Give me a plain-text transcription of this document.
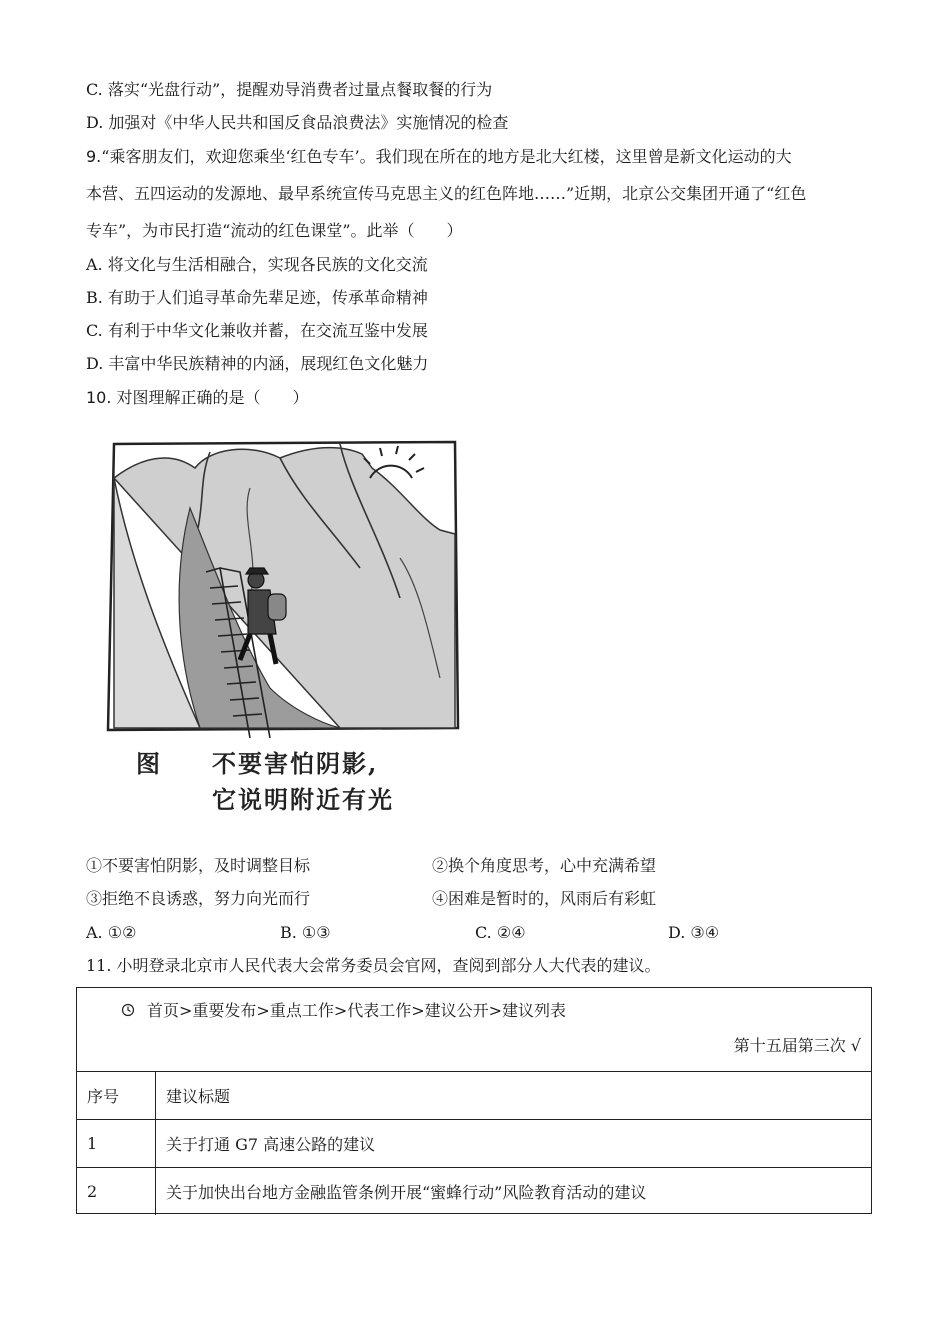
C. 落实“光盘行动”，提醒劝导消费者过量点餐取餐的行为
D. 加强对《中华人民共和国反食品浪费法》实施情况的检查
9.“乘客朋友们，欢迎您乘坐‘红色专车’。我们现在所在的地方是北大红楼，这里曾是新文化运动的大
本营、五四运动的发源地、最早系统宣传马克思主义的红色阵地……”近期，北京公交集团开通了“红色
专车”，为市民打造“流动的红色课堂”。此举（　　）
A. 将文化与生活相融合，实现各民族的文化交流
B. 有助于人们追寻革命先辈足迹，传承革命精神
C. 有利于中华文化兼收并蓄，在交流互鉴中发展
D. 丰富中华民族精神的内涵，展现红色文化魅力
10. 对图理解正确的是（　　）
图 不要害怕阴影,
它说明附近有光
①不要害怕阴影，及时调整目标	②换个角度思考，心中充满希望
③拒绝不良诱惑，努力向光而行	④困难是暂时的，风雨后有彩虹
A. ①②	B. ①③	C. ②④	D. ③④
11. 小明登录北京市人民代表大会常务委员会官网，查阅到部分人大代表的建议。
首页>重要发布>重点工作>代表工作>建议公开>建议列表
第十五届第三次 √
序号	建议标题
1	关于打通 G7 高速公路的建议
2	关于加快出台地方金融监管条例开展“蜜蜂行动”风险教育活动的建议
